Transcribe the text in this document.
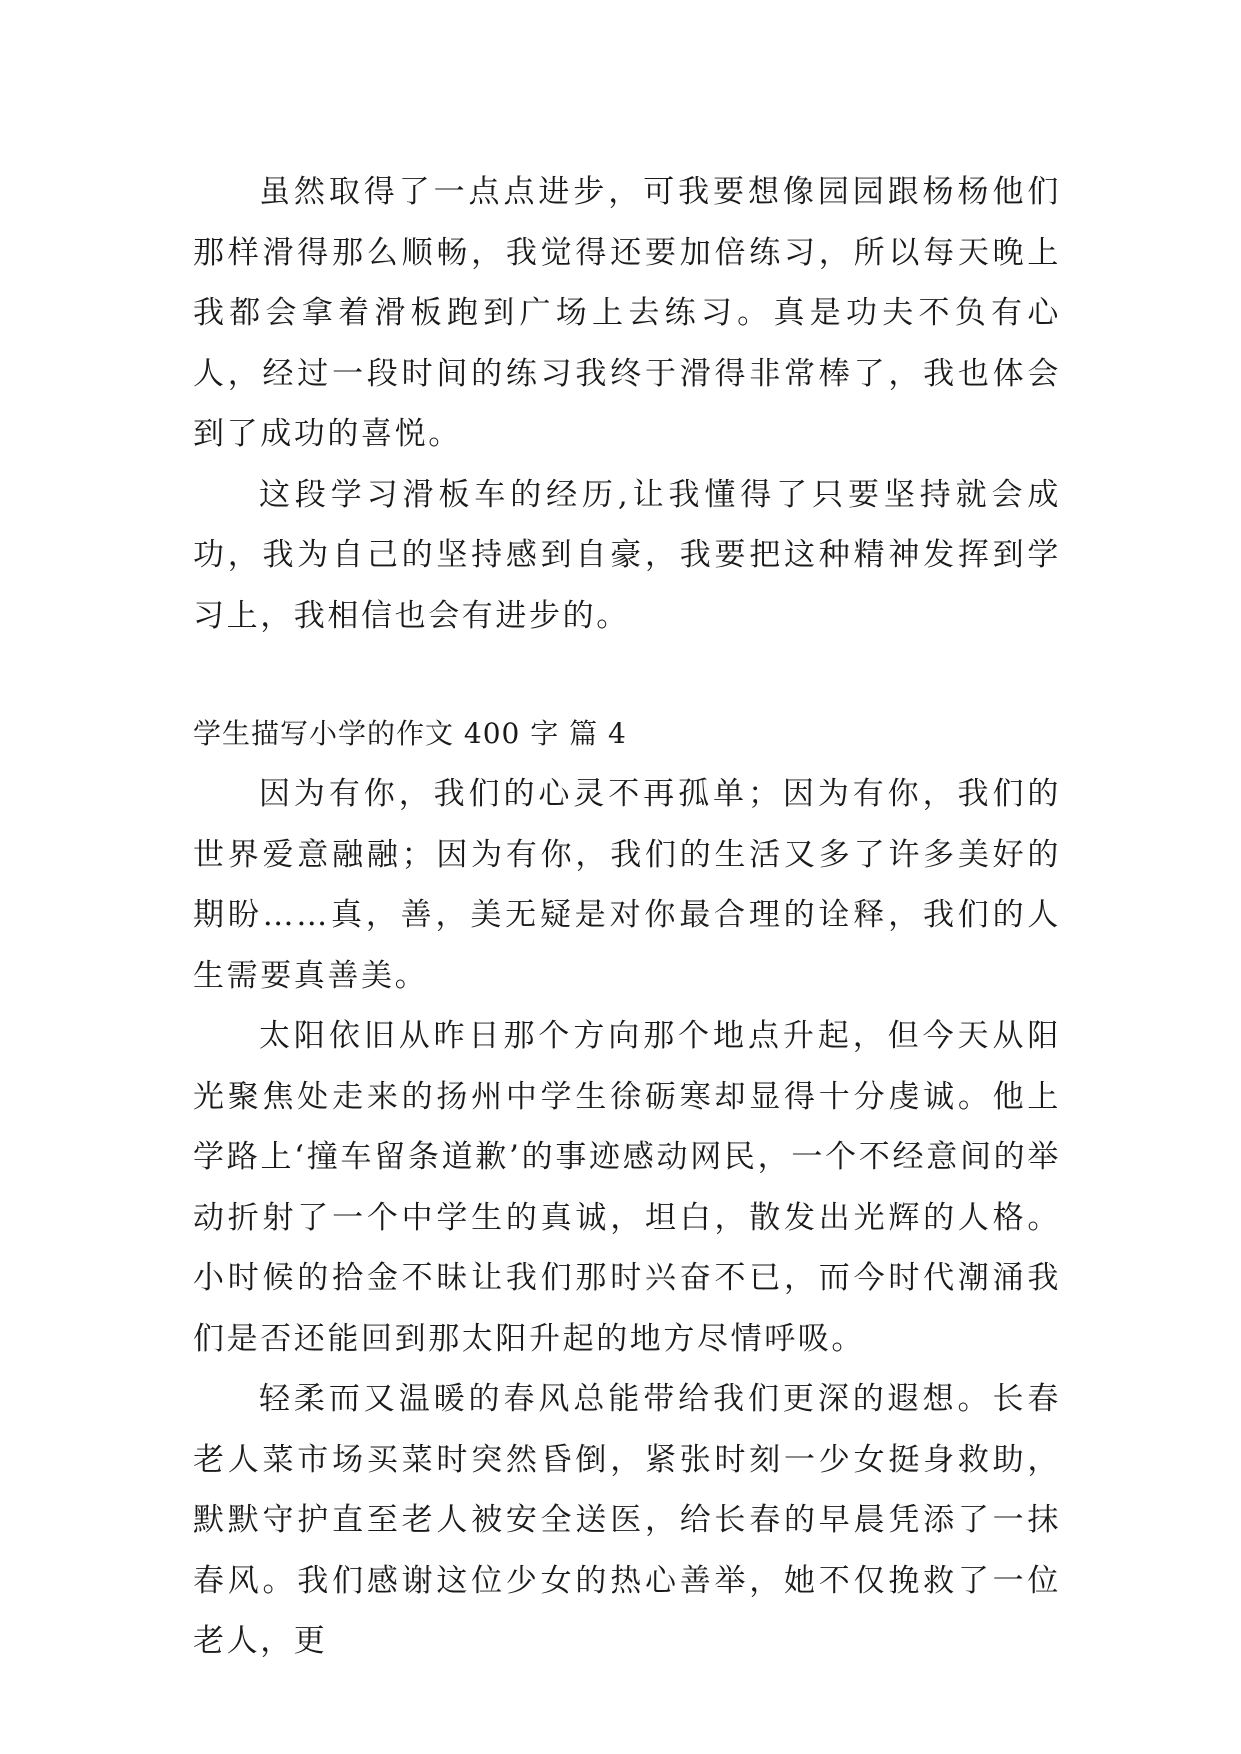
虽然取得了一点点进步，可我要想像园园跟杨杨他们那样滑得那么顺畅，我觉得还要加倍练习，所以每天晚上我都会拿着滑板跑到广场上去练习。真是功夫不负有心人，经过一段时间的练习我终于滑得非常棒了，我也体会到了成功的喜悦。

这段学习滑板车的经历,让我懂得了只要坚持就会成功，我为自己的坚持感到自豪，我要把这种精神发挥到学习上，我相信也会有进步的。

学生描写小学的作文 400 字 篇 4

因为有你，我们的心灵不再孤单；因为有你，我们的世界爱意融融；因为有你，我们的生活又多了许多美好的期盼……真，善，美无疑是对你最合理的诠释，我们的人生需要真善美。

太阳依旧从昨日那个方向那个地点升起，但今天从阳光聚焦处走来的扬州中学生徐砺寒却显得十分虔诚。他上学路上‘撞车留条道歉’的事迹感动网民，一个不经意间的举动折射了一个中学生的真诚，坦白，散发出光辉的人格。小时候的拾金不昧让我们那时兴奋不已，而今时代潮涌我们是否还能回到那太阳升起的地方尽情呼吸。

轻柔而又温暖的春风总能带给我们更深的遐想。长春老人菜市场买菜时突然昏倒，紧张时刻一少女挺身救助，默默守护直至老人被安全送医，给长春的早晨凭添了一抹春风。我们感谢这位少女的热心善举，她不仅挽救了一位老人，更
